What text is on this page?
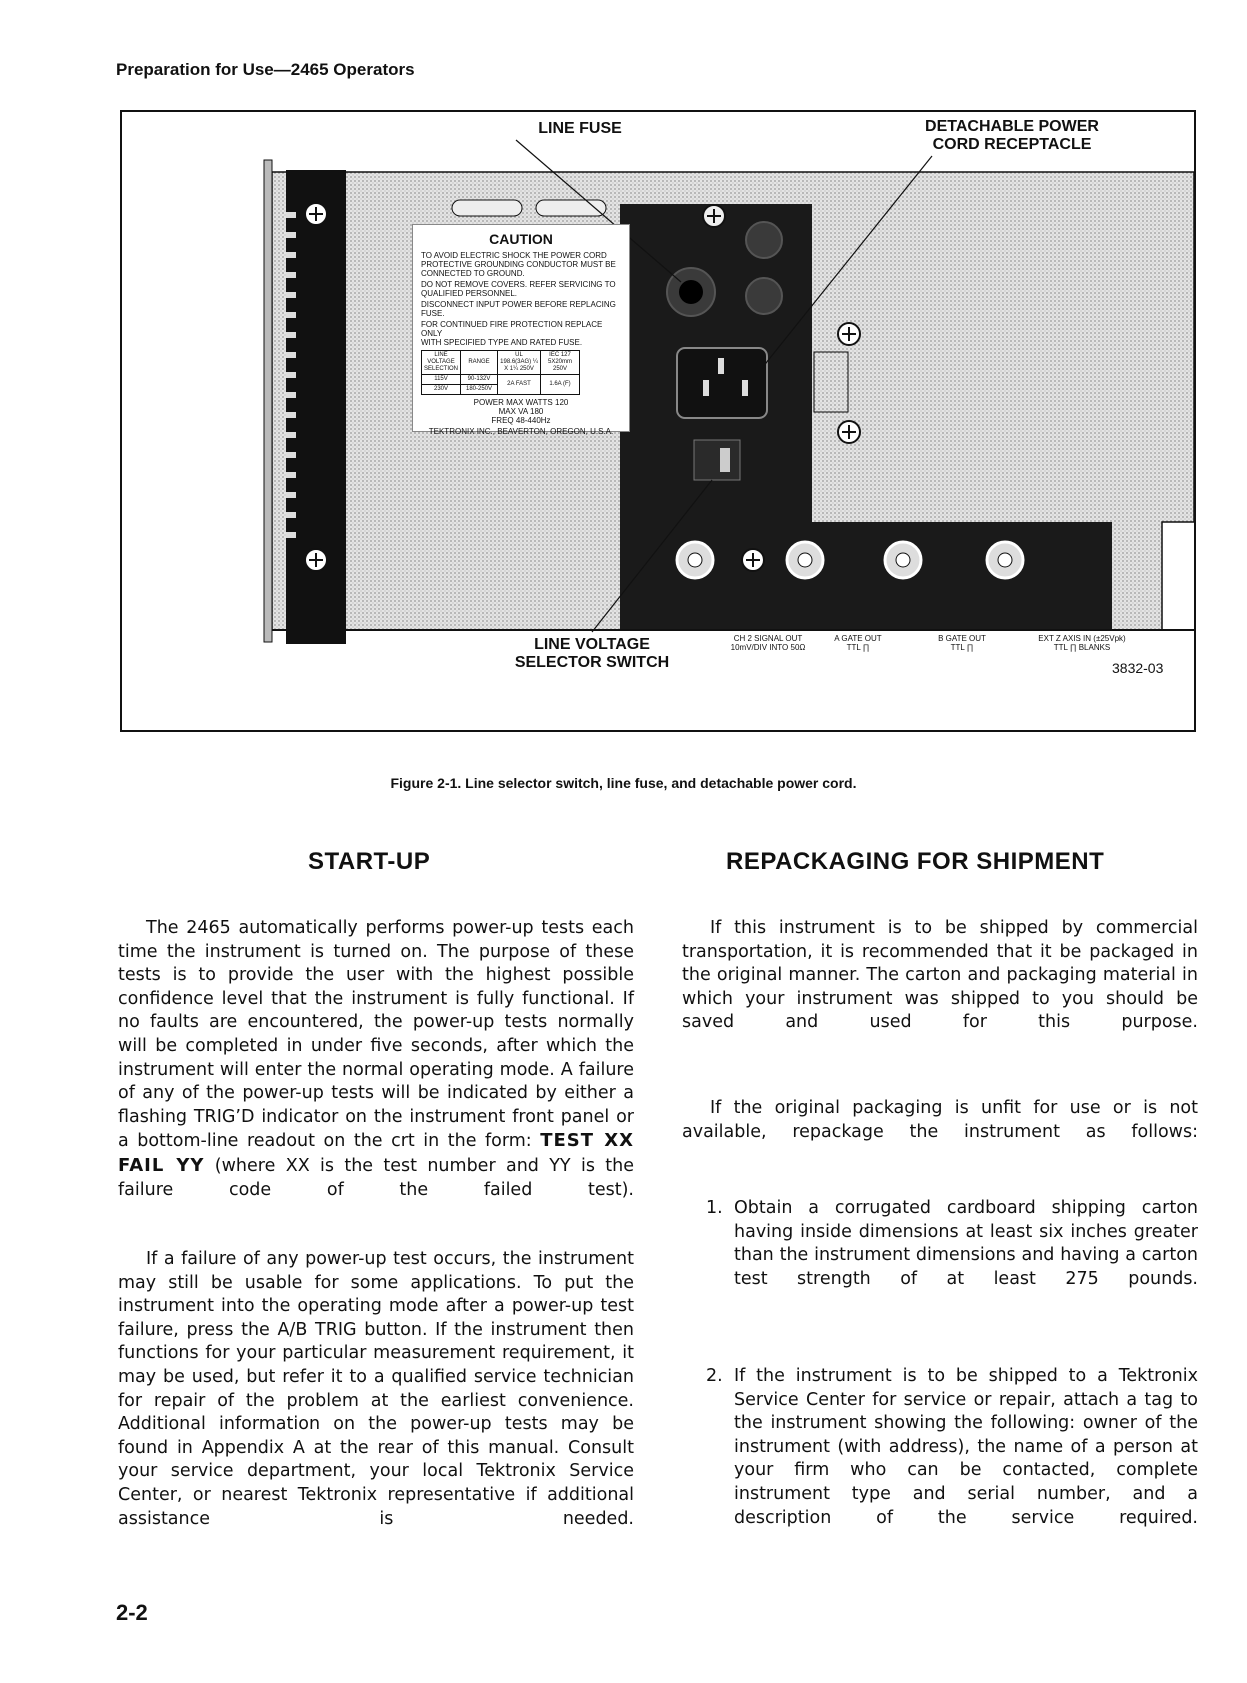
Preparation for Use—2465 Operators
CAUTION
TO AVOID ELECTRIC SHOCK THE POWER CORD
PROTECTIVE GROUNDING CONDUCTOR MUST BE
CONNECTED TO GROUND.
DO NOT REMOVE COVERS. REFER SERVICING TO
QUALIFIED PERSONNEL.
DISCONNECT INPUT POWER BEFORE REPLACING FUSE.
FOR CONTINUED FIRE PROTECTION REPLACE ONLY
WITH SPECIFIED TYPE AND RATED FUSE.
LINE VOLTAGE SELECTION	RANGE	UL 198.6(3AG) ¼ X 1¼ 250V	IEC 127 5X20mm 250V
115V	90-132V	2A FAST	1.6A (F)
230V	180-250V		
POWER MAX WATTS 120
MAX VA 180
FREQ 48-440Hz
TEKTRONIX INC., BEAVERTON, OREGON, U.S.A.
LINE FUSE	DETACHABLE POWER
CORD RECEPTACLE
LINE VOLTAGE
SELECTOR SWITCH
CH 2 SIGNAL OUT
10mV/DIV INTO 50Ω
A GATE OUT
TTL ∏
B GATE OUT
TTL ∏
EXT Z AXIS IN (±25Vpk)
TTL ∏ BLANKS
3832-03
Figure 2-1. Line selector switch, line fuse, and detachable power cord.
START-UP

The 2465 automatically performs power-up tests each time the instrument is turned on. The purpose of these tests is to provide the user with the highest possible confidence level that the instrument is fully functional. If no faults are encountered, the power-up tests normally will be completed in under five seconds, after which the instrument will enter the normal operating mode. A failure of any of the power-up tests will be indicated by either a flashing TRIG’D indicator on the instrument front panel or a bottom-line readout on the crt in the form: TEST XX FAIL YY (where XX is the test number and YY is the failure code of the failed test).

If a failure of any power-up test occurs, the instrument may still be usable for some applications. To put the instrument into the operating mode after a power-up test failure, press the A/B TRIG button. If the instrument then functions for your particular measurement requirement, it may be used, but refer it to a qualified service technician for repair of the problem at the earliest convenience. Additional information on the power-up tests may be found in Appendix A at the rear of this manual. Consult your service department, your local Tektronix Service Center, or nearest Tektronix representative if additional assistance is needed.

REPACKAGING FOR SHIPMENT

If this instrument is to be shipped by commercial transportation, it is recommended that it be packaged in the original manner. The carton and packaging material in which your instrument was shipped to you should be saved and used for this purpose.

If the original packaging is unfit for use or is not available, repackage the instrument as follows:

1. Obtain a corrugated cardboard shipping carton having inside dimensions at least six inches greater than the instrument dimensions and having a carton test strength of at least 275 pounds.

2. If the instrument is to be shipped to a Tektronix Service Center for service or repair, attach a tag to the instrument showing the following: owner of the instrument (with address), the name of a person at your firm who can be contacted, complete instrument type and serial number, and a description of the service required.

2-2
